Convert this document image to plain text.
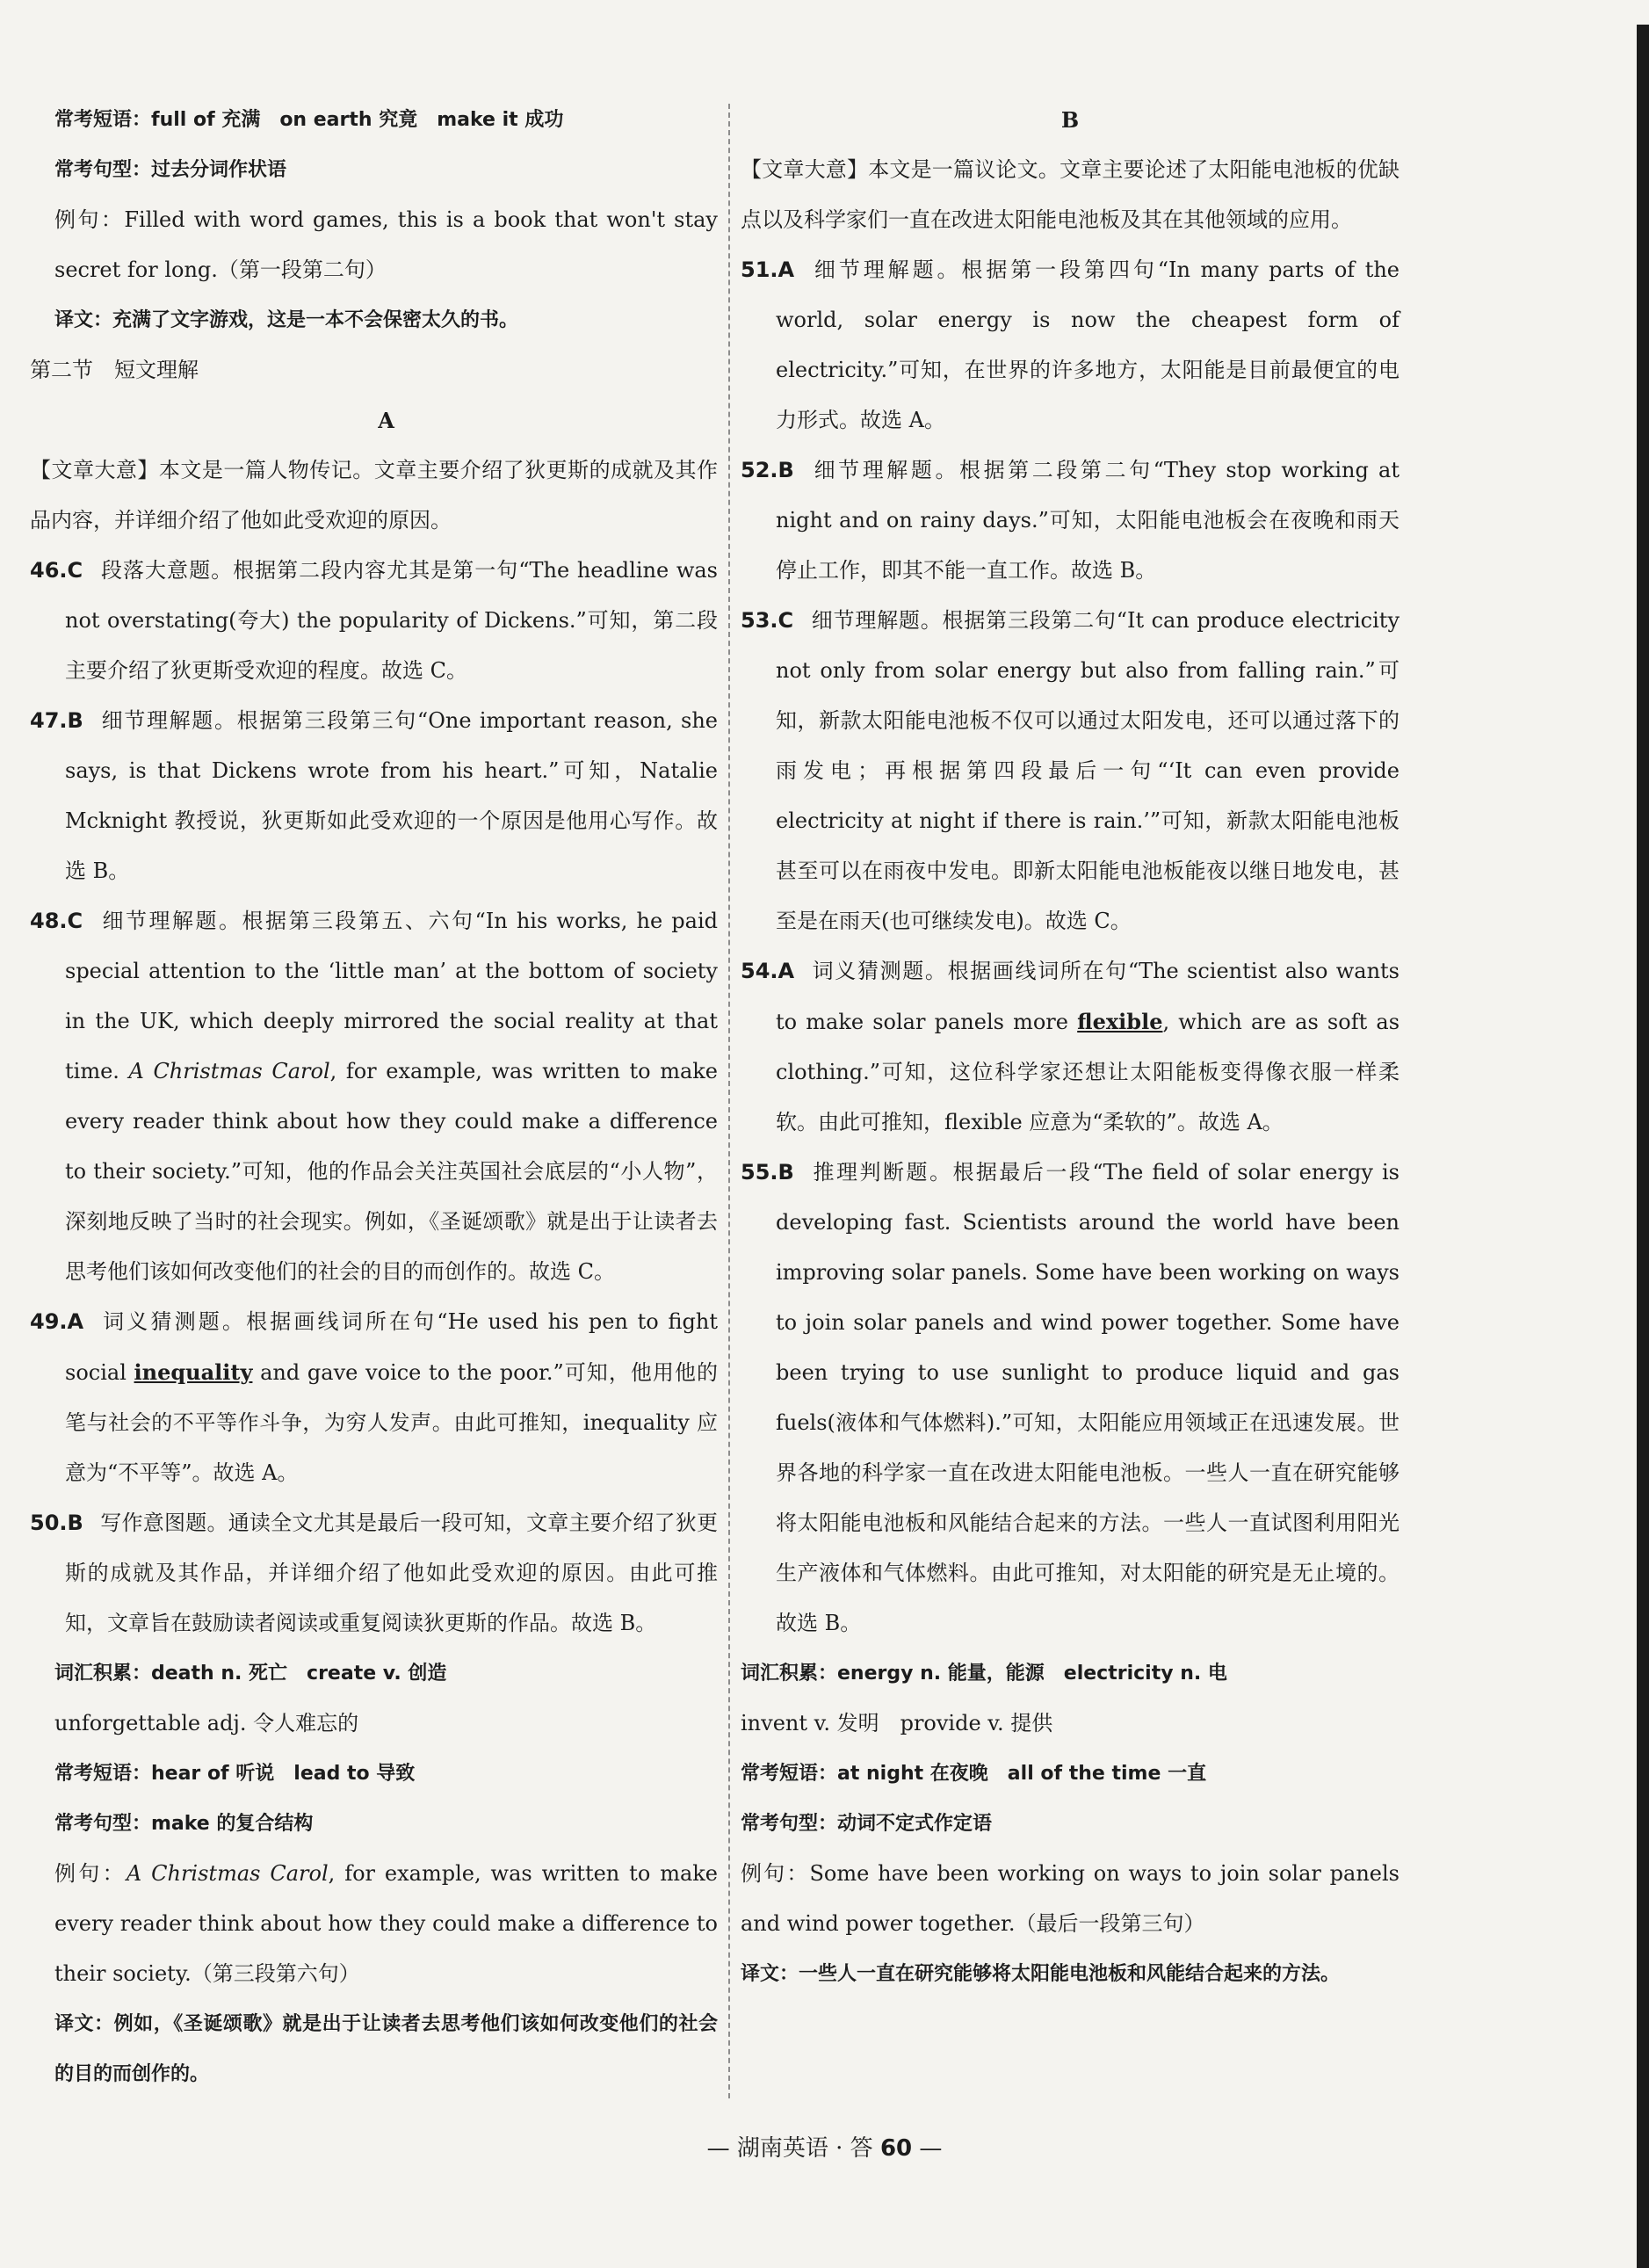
常考短语：full of 充满　on earth 究竟　make it 成功

常考句型：过去分词作状语

例句：Filled with word games, this is a book that won't stay secret for long.（第一段第二句）

译文：充满了文字游戏，这是一本不会保密太久的书。

第二节　短文理解

A

【文章大意】本文是一篇人物传记。文章主要介绍了狄更斯的成就及其作品内容，并详细介绍了他如此受欢迎的原因。

46.C 段落大意题。根据第二段内容尤其是第一句“The headline was not overstating(夸大) the popularity of Dickens.”可知，第二段主要介绍了狄更斯受欢迎的程度。故选 C。

47.B 细节理解题。根据第三段第三句“One important reason, she says, is that Dickens wrote from his heart.”可知，Natalie Mcknight 教授说，狄更斯如此受欢迎的一个原因是他用心写作。故选 B。

48.C 细节理解题。根据第三段第五、六句“In his works, he paid special attention to the ‘little man’ at the bottom of society in the UK, which deeply mirrored the social reality at that time. A Christmas Carol, for example, was written to make every reader think about how they could make a difference to their society.”可知，他的作品会关注英国社会底层的“小人物”，深刻地反映了当时的社会现实。例如，《圣诞颂歌》就是出于让读者去思考他们该如何改变他们的社会的目的而创作的。故选 C。

49.A 词义猜测题。根据画线词所在句“He used his pen to fight social inequality and gave voice to the poor.”可知，他用他的笔与社会的不平等作斗争，为穷人发声。由此可推知，inequality 应意为“不平等”。故选 A。

50.B 写作意图题。通读全文尤其是最后一段可知，文章主要介绍了狄更斯的成就及其作品，并详细介绍了他如此受欢迎的原因。由此可推知，文章旨在鼓励读者阅读或重复阅读狄更斯的作品。故选 B。

词汇积累：death n. 死亡　create v. 创造

unforgettable adj. 令人难忘的

常考短语：hear of 听说　lead to 导致

常考句型：make 的复合结构

例句：A Christmas Carol, for example, was written to make every reader think about how they could make a difference to their society.（第三段第六句）

译文：例如，《圣诞颂歌》就是出于让读者去思考他们该如何改变他们的社会的目的而创作的。

B

【文章大意】本文是一篇议论文。文章主要论述了太阳能电池板的优缺点以及科学家们一直在改进太阳能电池板及其在其他领域的应用。

51.A 细节理解题。根据第一段第四句“In many parts of the world, solar energy is now the cheapest form of electricity.”可知，在世界的许多地方，太阳能是目前最便宜的电力形式。故选 A。

52.B 细节理解题。根据第二段第二句“They stop working at night and on rainy days.”可知，太阳能电池板会在夜晚和雨天停止工作，即其不能一直工作。故选 B。

53.C 细节理解题。根据第三段第二句“It can produce electricity not only from solar energy but also from falling rain.”可知，新款太阳能电池板不仅可以通过太阳发电，还可以通过落下的雨发电；再根据第四段最后一句“‘It can even provide electricity at night if there is rain.’”可知，新款太阳能电池板甚至可以在雨夜中发电。即新太阳能电池板能夜以继日地发电，甚至是在雨天(也可继续发电)。故选 C。

54.A 词义猜测题。根据画线词所在句“The scientist also wants to make solar panels more flexible, which are as soft as clothing.”可知，这位科学家还想让太阳能板变得像衣服一样柔软。由此可推知，flexible 应意为“柔软的”。故选 A。

55.B 推理判断题。根据最后一段“The field of solar energy is developing fast. Scientists around the world have been improving solar panels. Some have been working on ways to join solar panels and wind power together. Some have been trying to use sunlight to produce liquid and gas fuels(液体和气体燃料).”可知，太阳能应用领域正在迅速发展。世界各地的科学家一直在改进太阳能电池板。一些人一直在研究能够将太阳能电池板和风能结合起来的方法。一些人一直试图利用阳光生产液体和气体燃料。由此可推知，对太阳能的研究是无止境的。故选 B。

词汇积累：energy n. 能量，能源　electricity n. 电

invent v. 发明　provide v. 提供

常考短语：at night 在夜晚　all of the time 一直

常考句型：动词不定式作定语

例句：Some have been working on ways to join solar panels and wind power together.（最后一段第三句）

译文：一些人一直在研究能够将太阳能电池板和风能结合起来的方法。

— 湖南英语 · 答 60 —
